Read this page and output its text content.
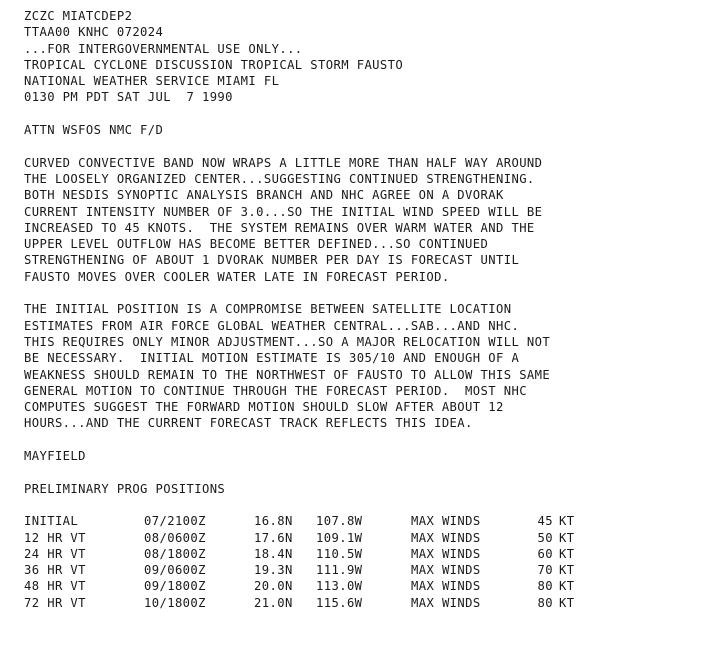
ZCZC MIATCDEP2
TTAA00 KNHC 072024
...FOR INTERGOVERNMENTAL USE ONLY...
TROPICAL CYCLONE DISCUSSION TROPICAL STORM FAUSTO
NATIONAL WEATHER SERVICE MIAMI FL
0130 PM PDT SAT JUL  7 1990
ATTN WSFOS NMC F/D
CURVED CONVECTIVE BAND NOW WRAPS A LITTLE MORE THAN HALF WAY AROUND
THE LOOSELY ORGANIZED CENTER...SUGGESTING CONTINUED STRENGTHENING.
BOTH NESDIS SYNOPTIC ANALYSIS BRANCH AND NHC AGREE ON A DVORAK
CURRENT INTENSITY NUMBER OF 3.0...SO THE INITIAL WIND SPEED WILL BE
INCREASED TO 45 KNOTS.  THE SYSTEM REMAINS OVER WARM WATER AND THE
UPPER LEVEL OUTFLOW HAS BECOME BETTER DEFINED...SO CONTINUED
STRENGTHENING OF ABOUT 1 DVORAK NUMBER PER DAY IS FORECAST UNTIL
FAUSTO MOVES OVER COOLER WATER LATE IN FORECAST PERIOD.
THE INITIAL POSITION IS A COMPROMISE BETWEEN SATELLITE LOCATION
ESTIMATES FROM AIR FORCE GLOBAL WEATHER CENTRAL...SAB...AND NHC.
THIS REQUIRES ONLY MINOR ADJUSTMENT...SO A MAJOR RELOCATION WILL NOT
BE NECESSARY.  INITIAL MOTION ESTIMATE IS 305/10 AND ENOUGH OF A
WEAKNESS SHOULD REMAIN TO THE NORTHWEST OF FAUSTO TO ALLOW THIS SAME
GENERAL MOTION TO CONTINUE THROUGH THE FORECAST PERIOD.  MOST NHC
COMPUTES SUGGEST THE FORWARD MOTION SHOULD SLOW AFTER ABOUT 12
HOURS...AND THE CURRENT FORECAST TRACK REFLECTS THIS IDEA.
MAYFIELD
PRELIMINARY PROG POSITIONS
INITIAL	07/2100Z	16.8N	107.8W	MAX WINDS	45	KT
12 HR VT	08/0600Z	17.6N	109.1W	MAX WINDS	50	KT
24 HR VT	08/1800Z	18.4N	110.5W	MAX WINDS	60	KT
36 HR VT	09/0600Z	19.3N	111.9W	MAX WINDS	70	KT
48 HR VT	09/1800Z	20.0N	113.0W	MAX WINDS	80	KT
72 HR VT	10/1800Z	21.0N	115.6W	MAX WINDS	80	KT
